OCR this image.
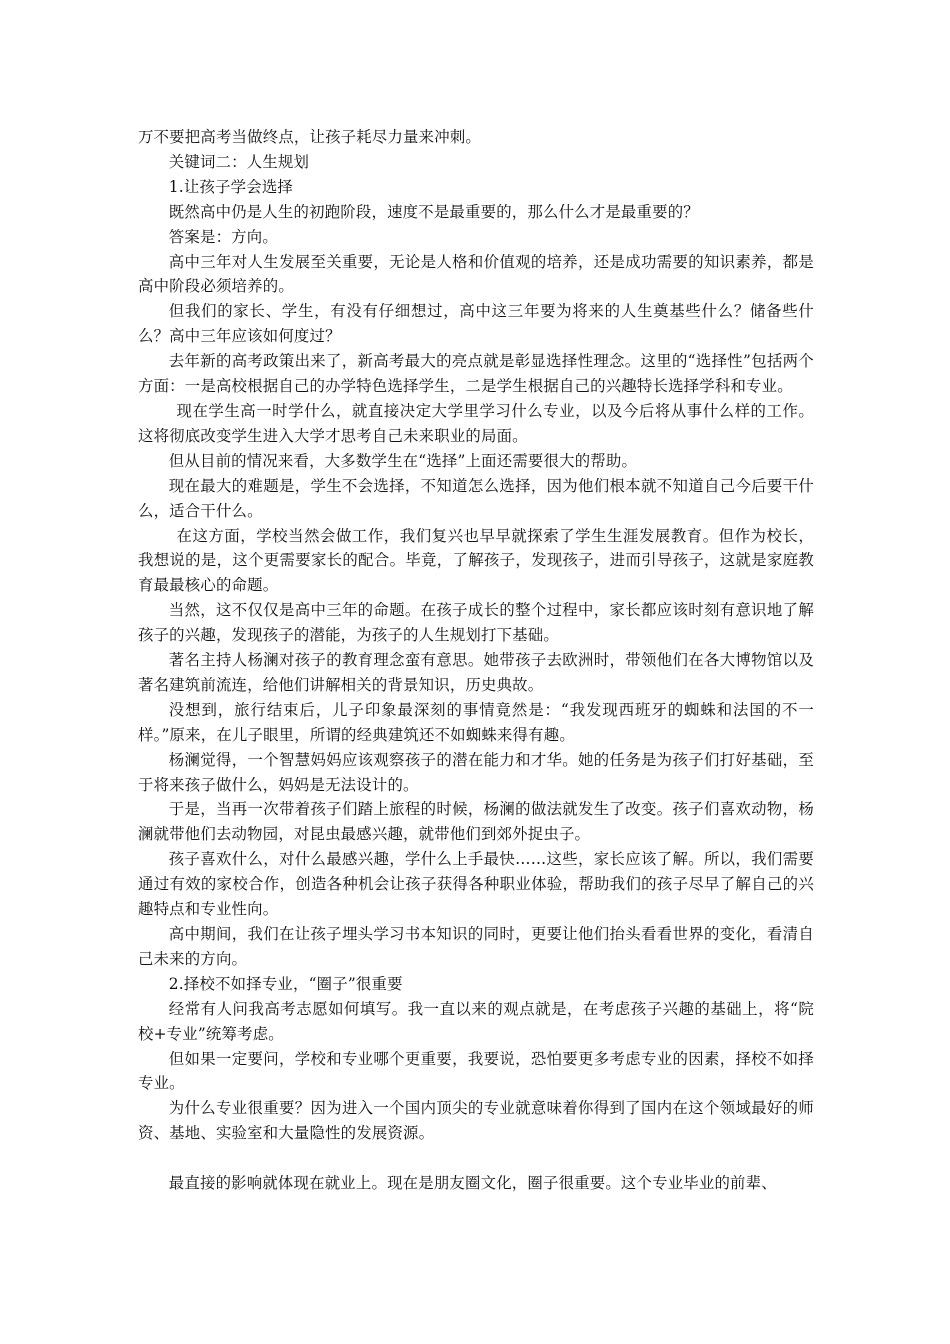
万不要把高考当做终点，让孩子耗尽力量来冲刺。

关键词二：人生规划

1.让孩子学会选择

既然高中仍是人生的初跑阶段，速度不是最重要的，那么什么才是最重要的？

答案是：方向。

高中三年对人生发展至关重要，无论是人格和价值观的培养，还是成功需要的知识素养，都是高中阶段必须培养的。

但我们的家长、学生，有没有仔细想过，高中这三年要为将来的人生奠基些什么？储备些什么？高中三年应该如何度过？

去年新的高考政策出来了，新高考最大的亮点就是彰显选择性理念。这里的“选择性”包括两个方面：一是高校根据自己的办学特色选择学生，二是学生根据自己的兴趣特长选择学科和专业。

现在学生高一时学什么，就直接决定大学里学习什么专业，以及今后将从事什么样的工作。这将彻底改变学生进入大学才思考自己未来职业的局面。

但从目前的情况来看，大多数学生在“选择”上面还需要很大的帮助。

现在最大的难题是，学生不会选择，不知道怎么选择，因为他们根本就不知道自己今后要干什么，适合干什么。

在这方面，学校当然会做工作，我们复兴也早早就探索了学生生涯发展教育。但作为校长，我想说的是，这个更需要家长的配合。毕竟，了解孩子，发现孩子，进而引导孩子，这就是家庭教育最最核心的命题。

当然，这不仅仅是高中三年的命题。在孩子成长的整个过程中，家长都应该时刻有意识地了解孩子的兴趣，发现孩子的潜能，为孩子的人生规划打下基础。

著名主持人杨澜对孩子的教育理念蛮有意思。她带孩子去欧洲时，带领他们在各大博物馆以及著名建筑前流连，给他们讲解相关的背景知识，历史典故。

没想到，旅行结束后，儿子印象最深刻的事情竟然是：“我发现西班牙的蜘蛛和法国的不一样。”原来，在儿子眼里，所谓的经典建筑还不如蜘蛛来得有趣。

杨澜觉得，一个智慧妈妈应该观察孩子的潜在能力和才华。她的任务是为孩子们打好基础，至于将来孩子做什么，妈妈是无法设计的。

于是，当再一次带着孩子们踏上旅程的时候，杨澜的做法就发生了改变。孩子们喜欢动物，杨澜就带他们去动物园，对昆虫最感兴趣，就带他们到郊外捉虫子。

孩子喜欢什么，对什么最感兴趣，学什么上手最快……这些，家长应该了解。所以，我们需要通过有效的家校合作，创造各种机会让孩子获得各种职业体验，帮助我们的孩子尽早了解自己的兴趣特点和专业性向。

高中期间，我们在让孩子埋头学习书本知识的同时，更要让他们抬头看看世界的变化，看清自己未来的方向。

2.择校不如择专业，“圈子”很重要

经常有人问我高考志愿如何填写。我一直以来的观点就是，在考虑孩子兴趣的基础上，将“院校+专业”统筹考虑。

但如果一定要问，学校和专业哪个更重要，我要说，恐怕要更多考虑专业的因素，择校不如择专业。

为什么专业很重要？因为进入一个国内顶尖的专业就意味着你得到了国内在这个领域最好的师资、基地、实验室和大量隐性的发展资源。

最直接的影响就体现在就业上。现在是朋友圈文化，圈子很重要。这个专业毕业的前辈、
